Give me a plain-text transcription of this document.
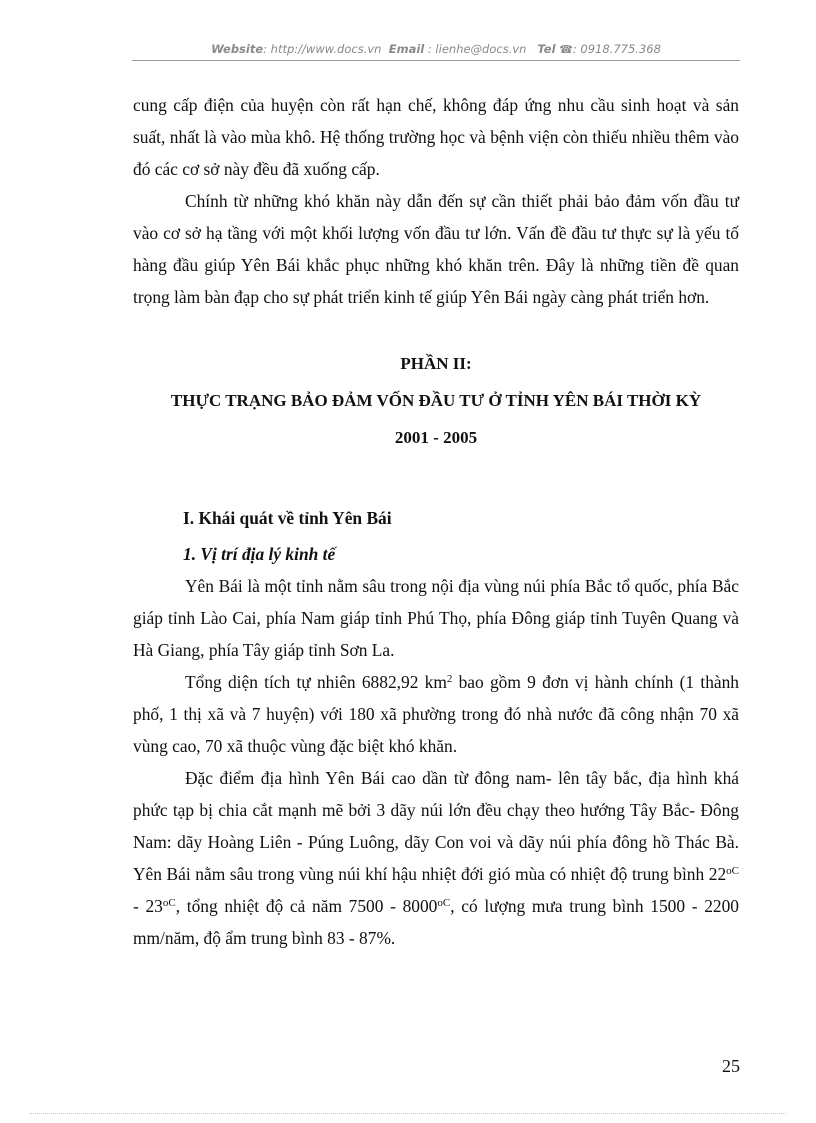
Website: http://www.docs.vn Email : lienhe@docs.vn Tel ☎: 0918.775.368

cung cấp điện của huyện còn rất hạn chế, không đáp ứng nhu cầu sinh hoạt và sản suất, nhất là vào mùa khô. Hệ thống trường học và bệnh viện còn thiếu nhiều thêm vào đó các cơ sở này đều đã xuống cấp.

Chính từ những khó khăn này dẫn đến sự cần thiết phải bảo đảm vốn đầu tư vào cơ sở hạ tầng với một khối lượng vốn đầu tư lớn. Vấn đề đầu tư thực sự là yếu tố hàng đầu giúp Yên Bái khắc phục những khó khăn trên. Đây là những tiền đề quan trọng làm bàn đạp cho sự phát triển kinh tế giúp Yên Bái ngày càng phát triển hơn.

PHẦN II:

THỰC TRẠNG BẢO ĐẢM VỐN ĐẦU TƯ Ở TỈNH YÊN BÁI THỜI KỲ

2001 - 2005

I. Khái quát về tỉnh Yên Bái

1. Vị trí địa lý kinh tế

Yên Bái là một tỉnh nằm sâu trong nội địa vùng núi phía Bắc tổ quốc, phía Bắc giáp tỉnh Lào Cai, phía Nam giáp tỉnh Phú Thọ, phía Đông giáp tỉnh Tuyên Quang và Hà Giang, phía Tây giáp tỉnh Sơn La.

Tổng diện tích tự nhiên 6882,92 $km^2$ bao gồm 9 đơn vị hành chính (1 thành phố, 1 thị xã và 7 huyện) với 180 xã phường trong đó nhà nước đã công nhận 70 xã vùng cao, 70 xã thuộc vùng đặc biệt khó khăn.

Đặc điểm địa hình Yên Bái cao dần từ đông nam- lên tây bắc, địa hình khá phức tạp bị chia cắt mạnh mẽ bởi 3 dãy núi lớn đều chạy theo hướng Tây Bắc- Đông Nam: dãy Hoàng Liên - Púng Luông, dãy Con voi và dãy núi phía đông hồ Thác Bà. Yên Bái nằm sâu trong vùng núi khí hậu nhiệt đới gió mùa có nhiệt độ trung bình $22^{oC} - 23^{oC}$, tổng nhiệt độ cả năm $7500 - 8000^{oC}$, có lượng mưa trung bình 1500 - 2200 mm/năm, độ ẩm trung bình 83 - 87%.

25
